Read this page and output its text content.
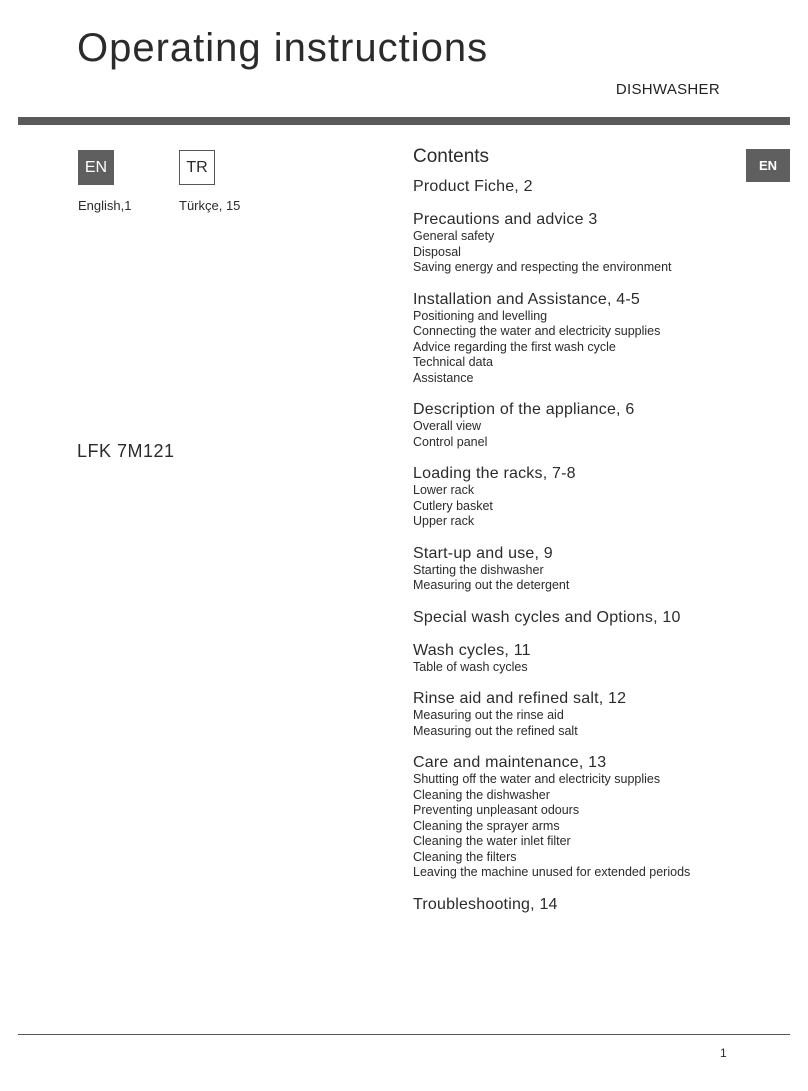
Operating instructions
DISHWASHER
EN	TR
English,1	Türkçe, 15
LFK 7M121
EN
Contents
Product Fiche, 2
Precautions and advice 3
General safety
Disposal
Saving energy and respecting the environment
Installation and Assistance, 4-5
Positioning and levelling
Connecting the water and electricity supplies
Advice regarding the first wash cycle
Technical data
Assistance
Description of the appliance, 6
Overall view
Control panel
Loading the racks, 7-8
Lower rack
Cutlery basket
Upper rack
Start-up and use, 9
Starting the dishwasher
Measuring out the detergent
Special wash cycles and Options, 10
Wash cycles, 11
Table of wash cycles
Rinse aid and refined salt, 12
Measuring out the rinse aid
Measuring out the refined salt
Care and maintenance, 13
Shutting off the water and electricity supplies
Cleaning the dishwasher
Preventing unpleasant odours
Cleaning the sprayer arms
Cleaning the water inlet filter
Cleaning the filters
Leaving the machine unused for extended periods
Troubleshooting, 14
1
